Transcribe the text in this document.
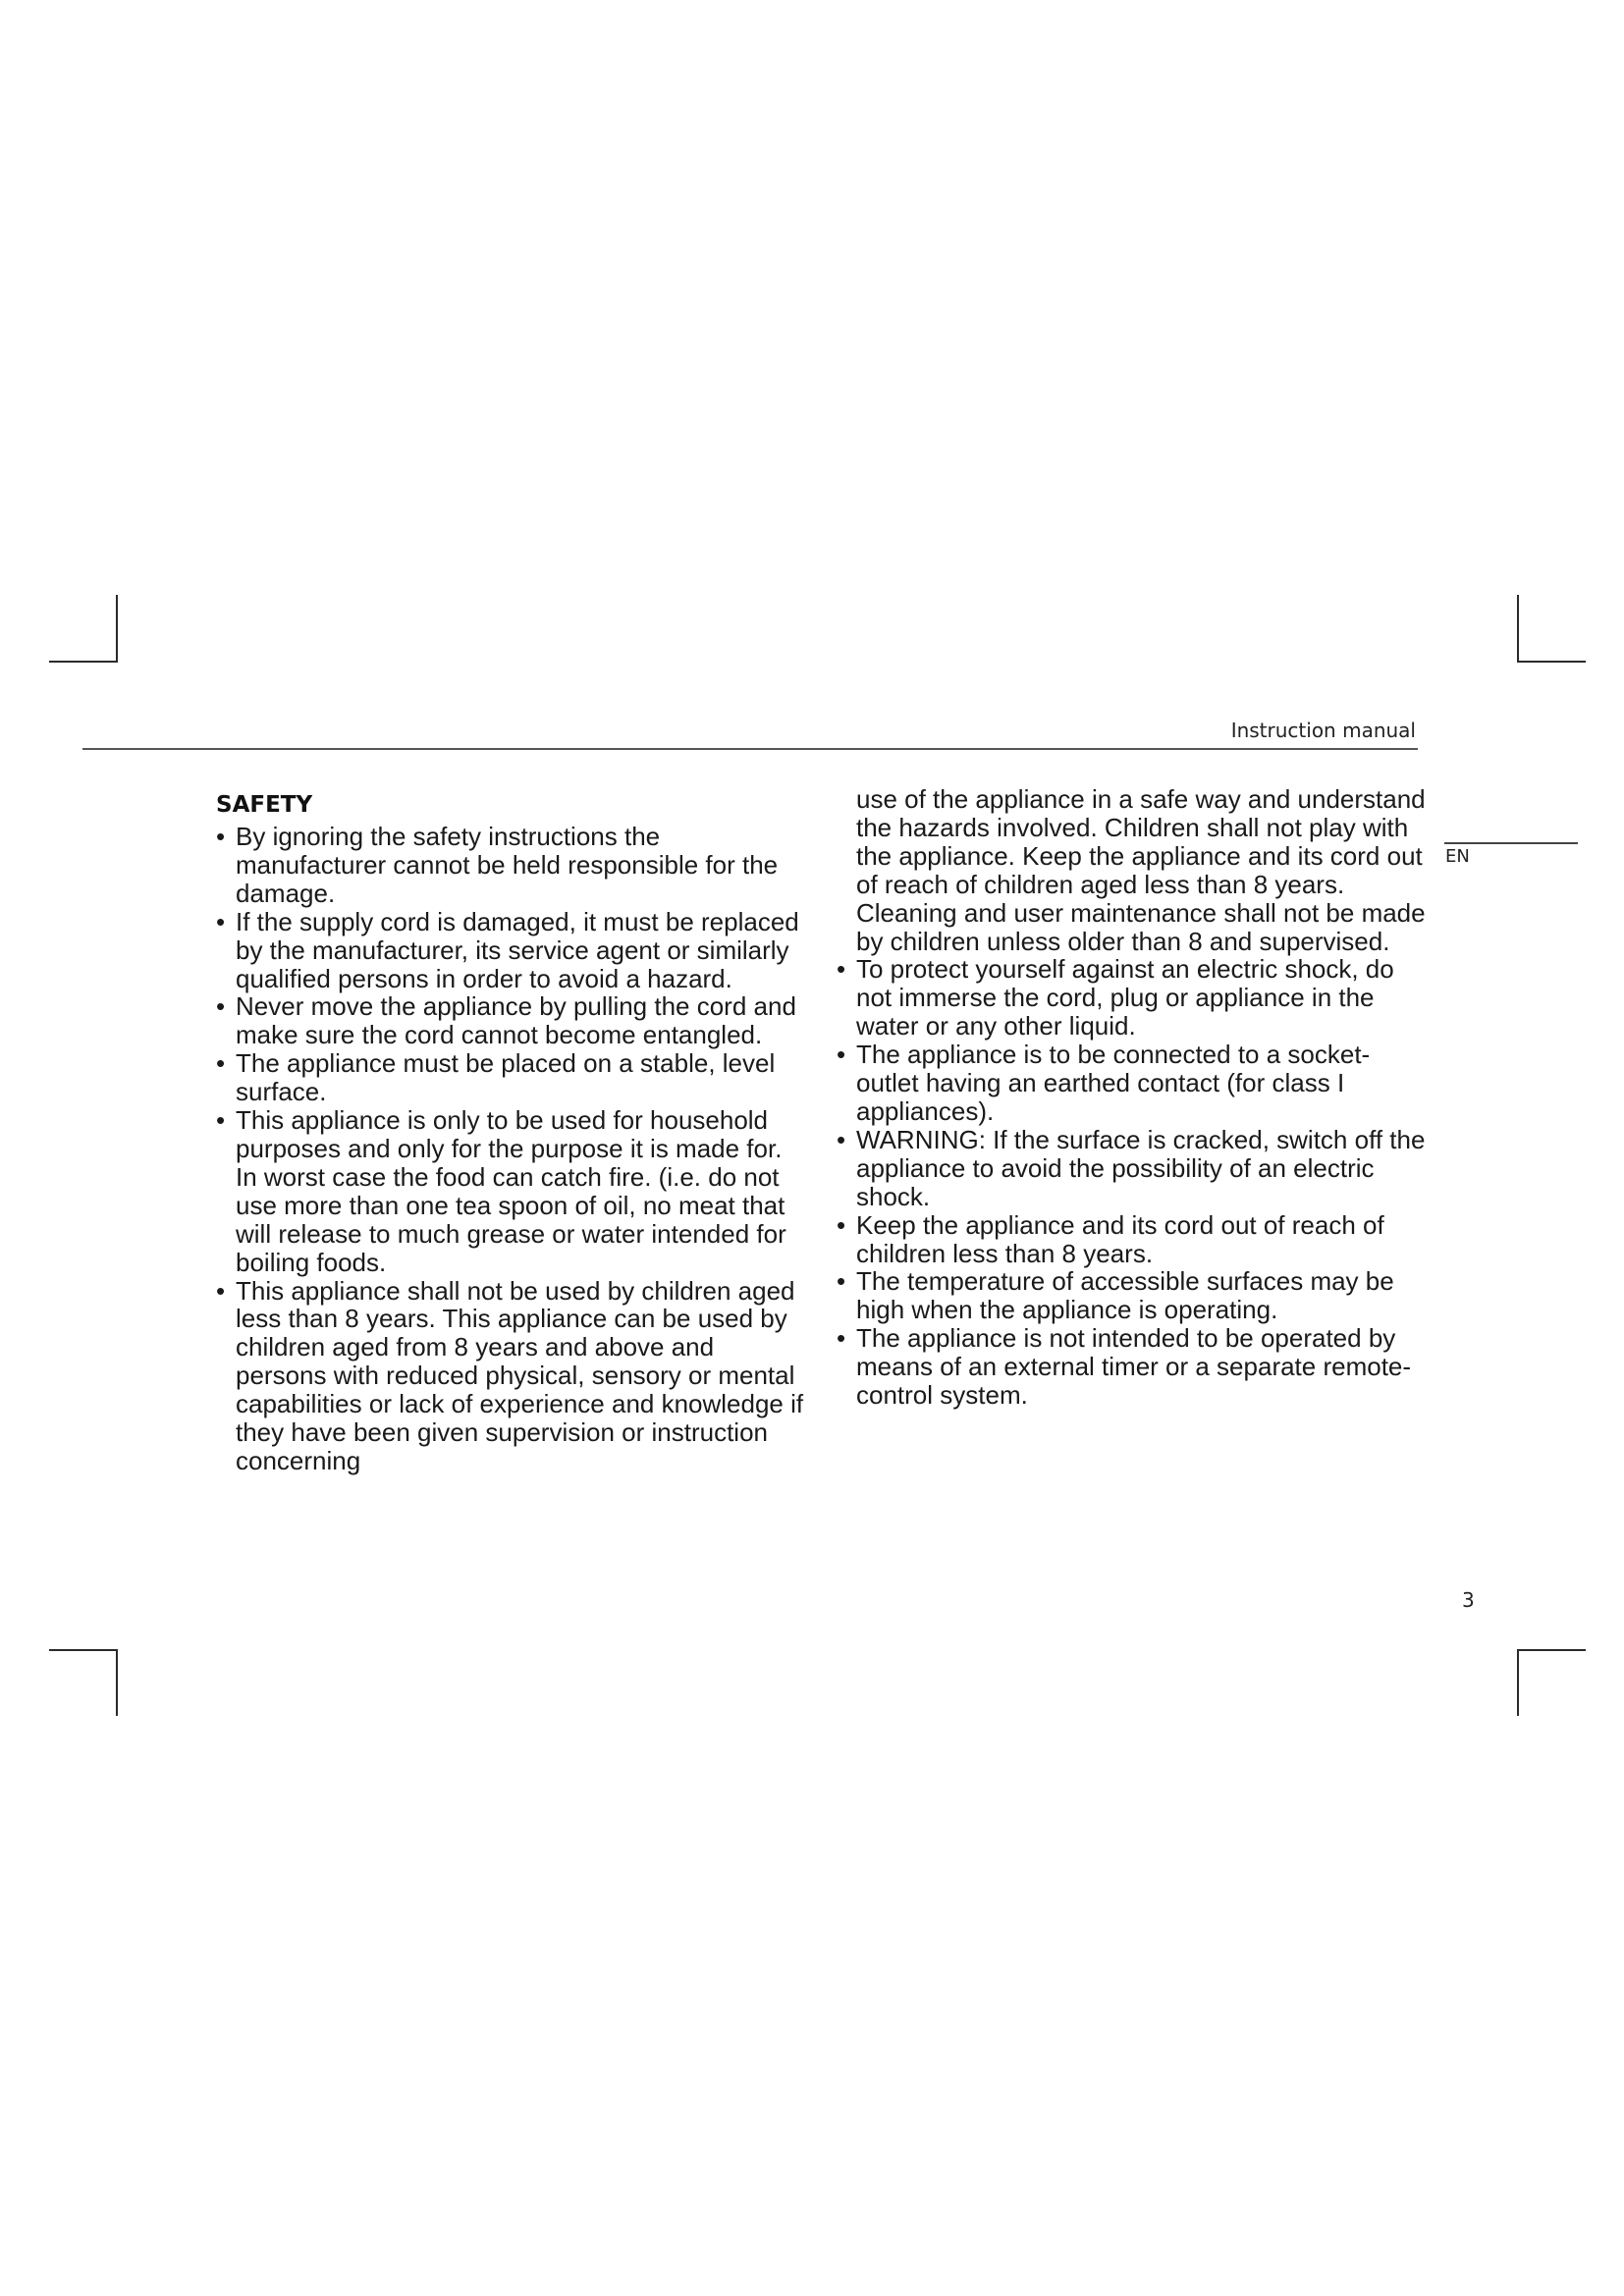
Instruction manual

EN

SAFETY
• By ignoring the safety instructions the manufacturer cannot be held responsible for the damage.
• If the supply cord is damaged, it must be replaced by the manufacturer, its service agent or similarly qualified persons in order to avoid a hazard.
• Never move the appliance by pulling the cord and make sure the cord cannot become entangled.
• The appliance must be placed on a stable, level surface.
• This appliance is only to be used for household purposes and only for the purpose it is made for. In worst case the food can catch fire. (i.e. do not use more than one tea spoon of oil, no meat that will release to much grease or water intended for boiling foods.
• This appliance shall not be used by children aged less than 8 years. This appliance can be used by children aged from 8 years and above and persons with reduced physical, sensory or mental capabilities or lack of experience and knowledge if they have been given supervision or instruction concerning

use of the appliance in a safe way and understand the hazards involved. Children shall not play with the appliance. Keep the appliance and its cord out of reach of children aged less than 8 years. Cleaning and user maintenance shall not be made by children unless older than 8 and supervised.

• To protect yourself against an electric shock, do not immerse the cord, plug or appliance in the water or any other liquid.
• The appliance is to be connected to a socket-outlet having an earthed contact (for class I appliances).
• WARNING: If the surface is cracked, switch off the appliance to avoid the possibility of an electric shock.
• Keep the appliance and its cord out of reach of children less than 8 years.
• The temperature of accessible surfaces may be high when the appliance is operating.
• The appliance is not intended to be operated by means of an external timer or a separate remote-control system.

3
